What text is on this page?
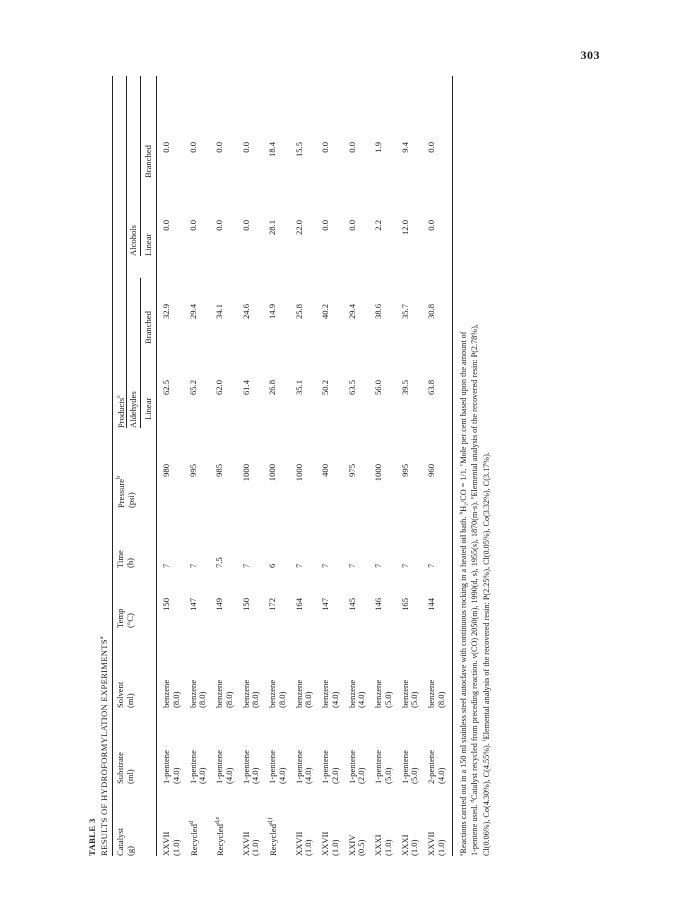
303
TABLE 3 RESULTS OF HYDROFORMYLATION EXPERIMENTS$^a$
Catalyst (g)
Substrate (ml)
Solvent (ml)
Temp (°C)
Time (h)
Pressure$^b$
(psi)
Products$^c$ Aldehydes
Alcohols
Linear
Branched
Linear
Branched
XXVII (1.0)
1-pentene (4.0)
benzene (8.0)
150
7
980
62.5
32.9
0.0
0.0
Recycled$^d$
1-pentene (4.0)
benzene (8.0)
147
7
995
65.2
29.4
0.0
0.0
Recycled$^{d,e}$
1-pentene (4.0)
benzene (8.0)
149
7.5
985
62.0
34.1
0.0
0.0
XXVII (1.0)
1-pentene (4.0)
benzene (8.0)
150
7
1000
61.4
24.6
0.0
0.0
Recycled$^{d,f}$
1-pentene (4.0)
benzene (8.0)
172
6
1000
26.8
14.9
28.1
18.4
XXVII (1.0)
1-pentene (4.0)
benzene (8.0)
164
7
1000
35.1
25.8
22.0
15.5
XXVII (1.0)
1-pentene (2.0)
benzene (4.0)
147
7
400
50.2
40.2
0.0
0.0
XXIV (0.5)
1-pentene (2.0)
benzene (4.0)
145
7
975
63.5
29.4
0.0
0.0
XXXI (1.0)
1-pentene (5.0)
benzene (5.0)
146
7
1000
56.0
38.6
2.2
1.9
XXXI (1.0)
1-pentene (5.0)
benzene (5.0)
165
7
995
39.5
35.7
12.0
9.4
XXVII (1.0)
2-pentene (4.0)
benzene (8.0)
144
7
960
63.8
30.8
0.0
0.0
$^a$Reactions carried out in a 150 ml stainless steel autoclave with continuous rocking in a heated oil bath. $^b$H₂/CO = 1/1. $^c$Mole per cent based upon the amount of
1-pentene used. $^d$Catalyst recycled from preceding reaction. ν(CO) 2050(m), 1990(d, s), 1955(s), 1870(m-s). $^e$Elemental analysis of the recovered resin: P(2.78%),
Cl(0.06%), Co(4.30%), C(4.55%). $^f$Elemental analysis of the recovered resin: P(2.25%), Cl(0.05%), Co(3.32%), C(3.17%).
